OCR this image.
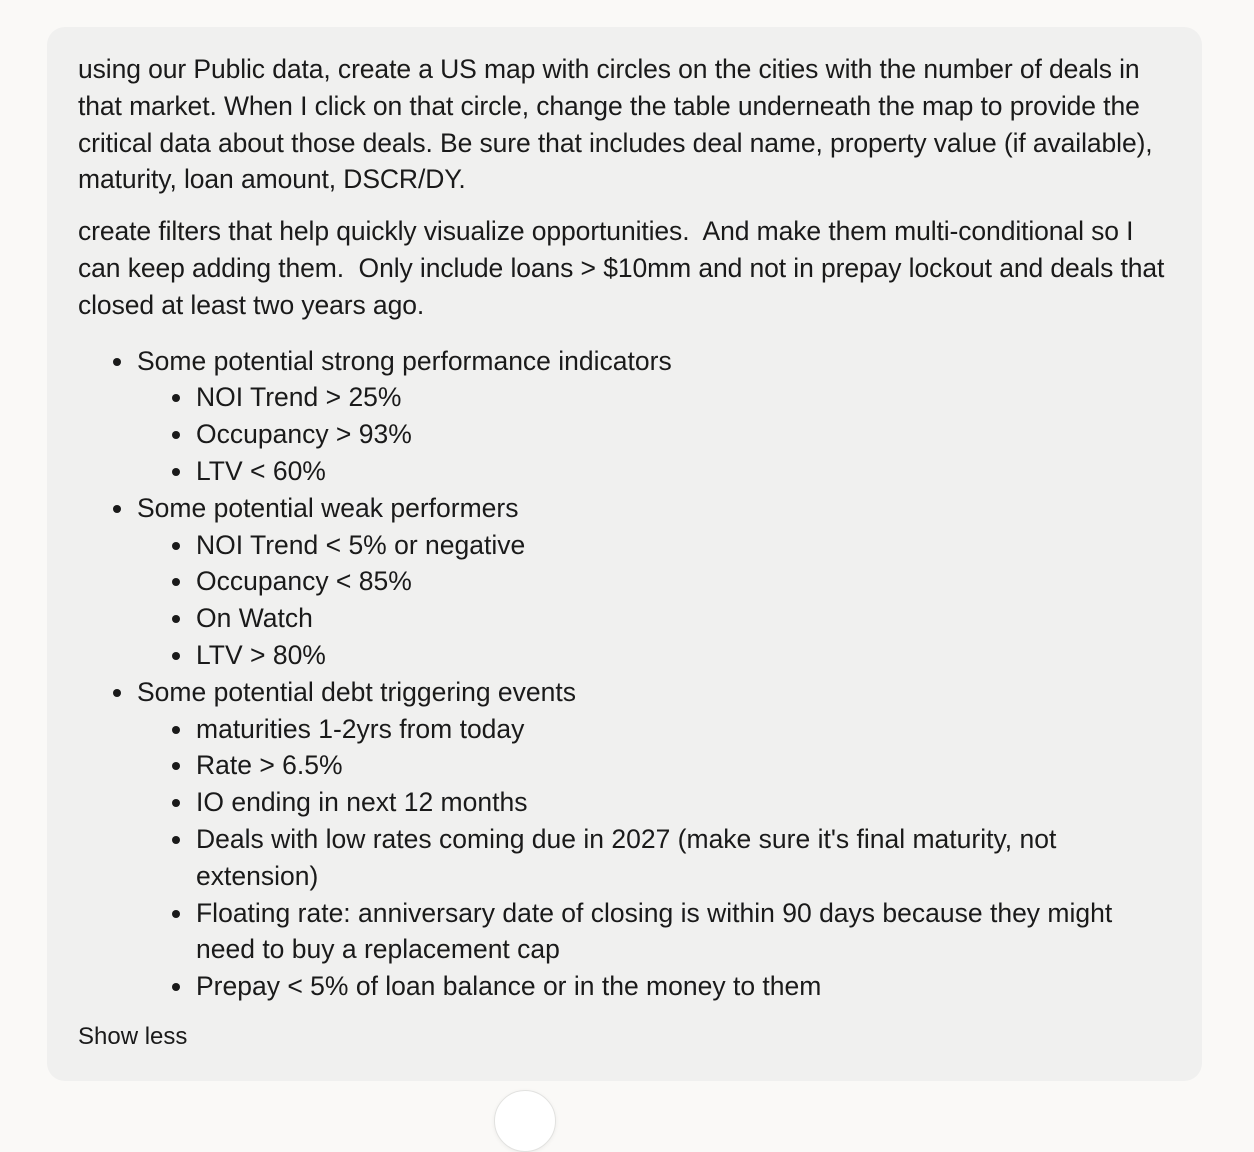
using our Public data, create a US map with circles on the cities with the number of deals in that market. When I click on that circle, change the table underneath the map to provide the critical data about those deals. Be sure that includes deal name, property value (if available), maturity, loan amount, DSCR/DY.

create filters that help quickly visualize opportunities.  And make them multi-conditional so I can keep adding them.  Only include loans > $10mm and not in prepay lockout and deals that closed at least two years ago.

Some potential strong performance indicators
NOI Trend > 25%
Occupancy > 93%
LTV < 60%
Some potential weak performers
NOI Trend < 5% or negative
Occupancy < 85%
On Watch
LTV > 80%
Some potential debt triggering events
maturities 1-2yrs from today
Rate > 6.5%
IO ending in next 12 months
Deals with low rates coming due in 2027 (make sure it's final maturity, not extension)
Floating rate: anniversary date of closing is within 90 days because they might need to buy a replacement cap
Prepay < 5% of loan balance or in the money to them
Show less
